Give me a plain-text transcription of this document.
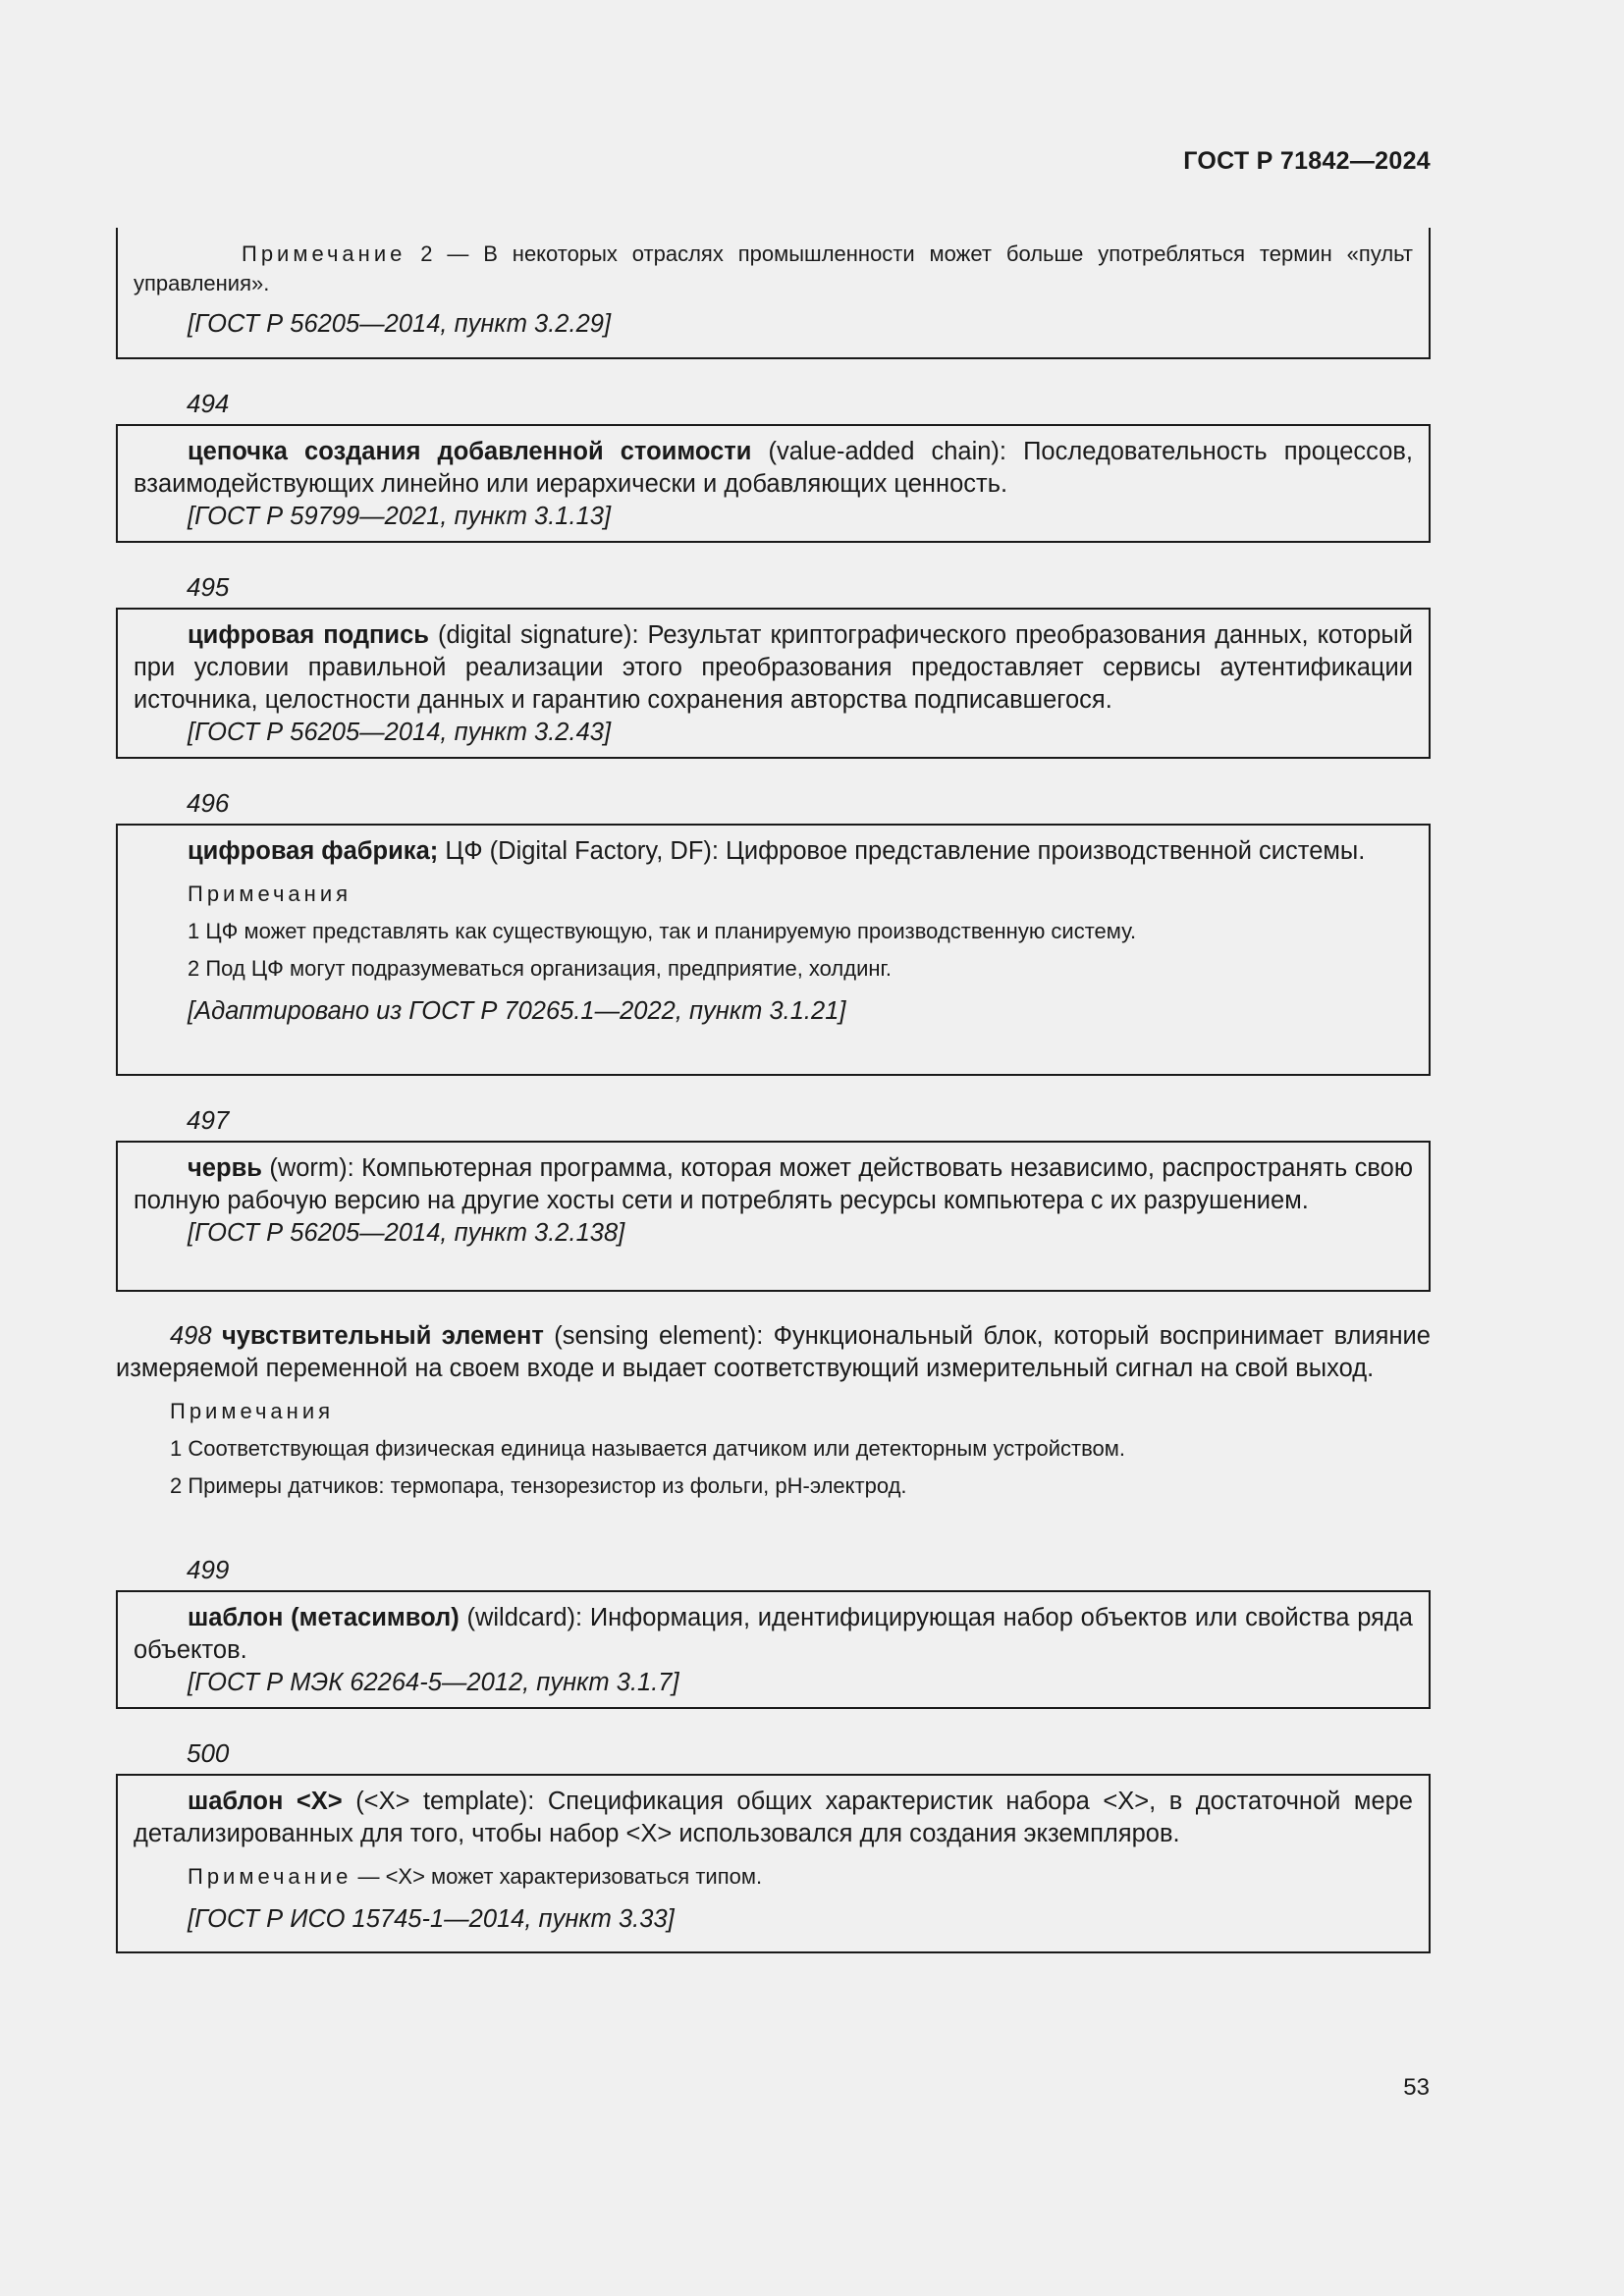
ГОСТ Р 71842—2024
Примечание 2 — В некоторых отраслях промышленности может больше употребляться термин «пульт управления».
[ГОСТ Р 56205—2014, пункт 3.2.29]
494
цепочка создания добавленной стоимости (value-added chain): Последовательность процессов, взаимодействующих линейно или иерархически и добавляющих ценность.
[ГОСТ Р 59799—2021, пункт 3.1.13]
495
цифровая подпись (digital signature): Результат криптографического преобразования данных, который при условии правильной реализации этого преобразования предоставляет сервисы аутентификации источника, целостности данных и гарантию сохранения авторства подписавшегося.
[ГОСТ Р 56205—2014, пункт 3.2.43]
496
цифровая фабрика; ЦФ (Digital Factory, DF): Цифровое представление производственной системы.
Примечания
1 ЦФ может представлять как существующую, так и планируемую производственную систему.
2 Под ЦФ могут подразумеваться организация, предприятие, холдинг.
[Адаптировано из ГОСТ Р 70265.1—2022, пункт 3.1.21]
497
червь (worm): Компьютерная программа, которая может действовать независимо, распространять свою полную рабочую версию на другие хосты сети и потреблять ресурсы компьютера с их разрушением.
[ГОСТ Р 56205—2014, пункт 3.2.138]
498 чувствительный элемент (sensing element): Функциональный блок, который воспринимает влияние измеряемой переменной на своем входе и выдает соответствующий измерительный сигнал на свой выход.
Примечания
1 Соответствующая физическая единица называется датчиком или детекторным устройством.
2 Примеры датчиков: термопара, тензорезистор из фольги, pH-электрод.
499
шаблон (метасимвол) (wildcard): Информация, идентифицирующая набор объектов или свойства ряда объектов.
[ГОСТ Р МЭК 62264-5—2012, пункт 3.1.7]
500
шаблон <X> (<X> template): Спецификация общих характеристик набора <X>, в достаточной мере детализированных для того, чтобы набор <X> использовался для создания экземпляров.
Примечание — <X> может характеризоваться типом.
[ГОСТ Р ИСО 15745-1—2014, пункт 3.33]
53
